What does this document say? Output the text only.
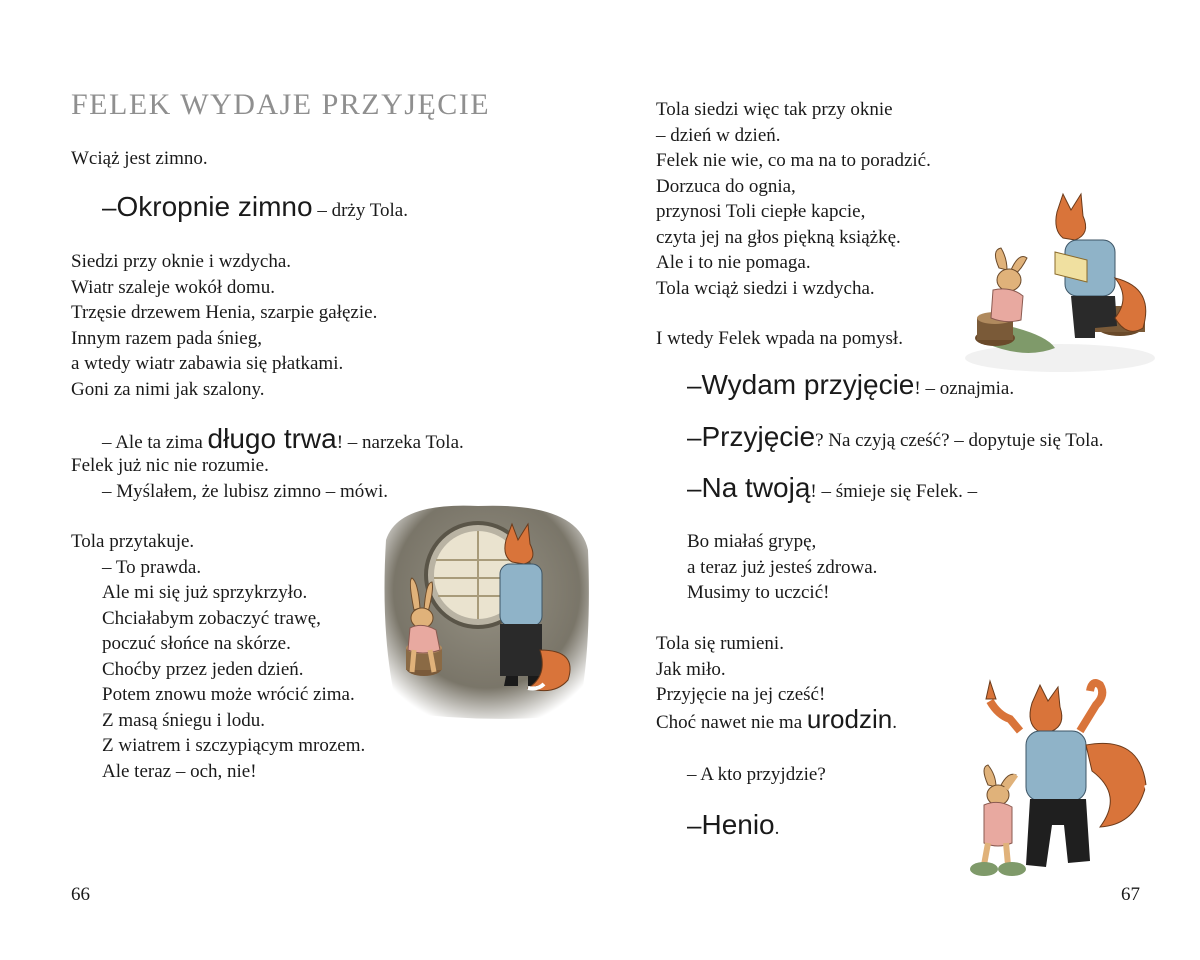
FELEK WYDAJE PRZYJĘCIE
Wciąż jest zimno.
–Okropnie zimno – drży Tola.
Siedzi przy oknie i wzdycha.
Wiatr szaleje wokół domu.
Trzęsie drzewem Henia, szarpie gałęzie.
Innym razem pada śnieg,
a wtedy wiatr zabawia się płatkami.
Goni za nimi jak szalony.
– Ale ta zima długo trwa! – narzeka Tola.
Felek już nic nie rozumie.
– Myślałem, że lubisz zimno – mówi.
Tola przytakuje.
– To prawda.
Ale mi się już sprzykrzyło.
Chciałabym zobaczyć trawę,
poczuć słońce na skórze.
Choćby przez jeden dzień.
Potem znowu może wrócić zima.
Z masą śniegu i lodu.
Z wiatrem i szczypiącym mrozem.
Ale teraz – och, nie!
66
Tola siedzi więc tak przy oknie
– dzień w dzień.
Felek nie wie, co ma na to poradzić.
Dorzuca do ognia,
przynosi Toli ciepłe kapcie,
czyta jej na głos piękną książkę.
Ale i to nie pomaga.
Tola wciąż siedzi i wzdycha.
I wtedy Felek wpada na pomysł.
–Wydam przyjęcie! – oznajmia.
–Przyjęcie? Na czyją cześć? – dopytuje się Tola.
–Na twoją! – śmieje się Felek. –
Bo miałaś grypę,
a teraz już jesteś zdrowa.
Musimy to uczcić!
Tola się rumieni.
Jak miło.
Przyjęcie na jej cześć!
Choć nawet nie ma urodzin.
– A kto przyjdzie?
–Henio.
67
